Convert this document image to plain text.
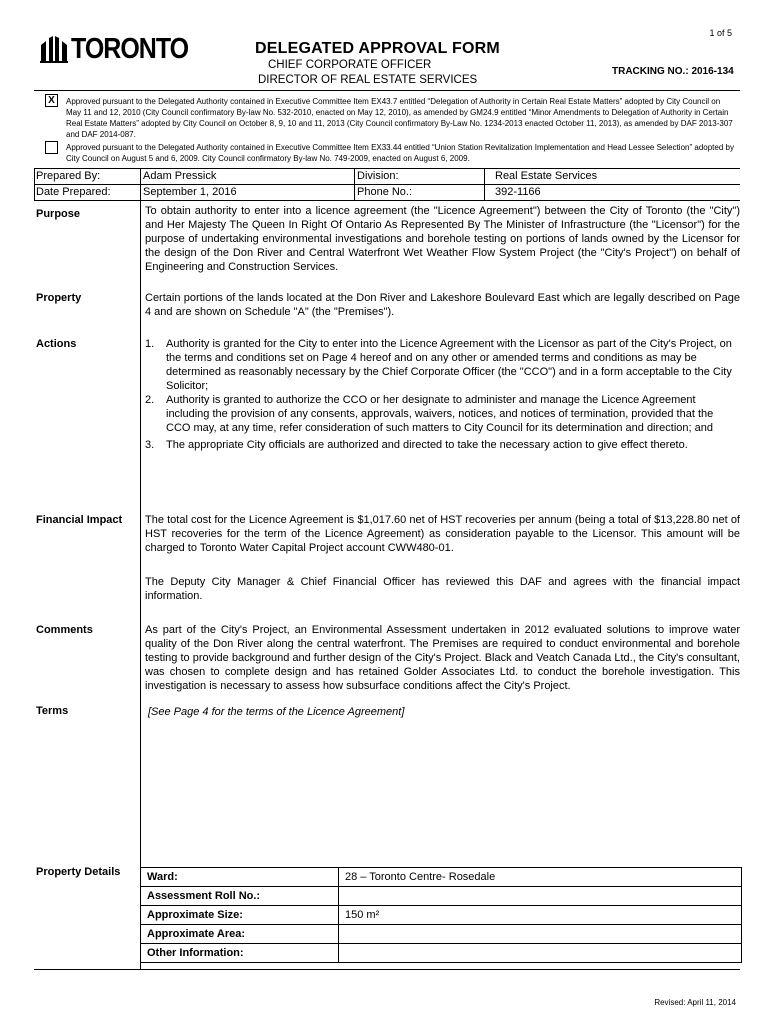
1 of 5
TORONTO	DELEGATED APPROVAL FORM
CHIEF CORPORATE OFFICER
DIRECTOR OF REAL ESTATE SERVICES
TRACKING NO.: 2016-134
X	Approved pursuant to the Delegated Authority contained in Executive Committee Item EX43.7 entitled “Delegation of Authority in Certain Real Estate Matters” adopted by City Council on May 11 and 12, 2010 (City Council confirmatory By-law No. 532-2010, enacted on May 12, 2010), as amended by GM24.9 entitled “Minor Amendments to Delegation of Authority in Certain Real Estate Matters” adopted by City Council on October 8, 9, 10 and 11, 2013 (City Council confirmatory By-Law No. 1234-2013 enacted October 11, 2013), as amended by DAF 2013-307 and DAF 2014-087.
Approved pursuant to the Delegated Authority contained in Executive Committee Item EX33.44 entitled “Union Station Revitalization Implementation and Head Lessee Selection” adopted by City Council on August 5 and 6, 2009. City Council confirmatory By-law No. 749-2009, enacted on August 6, 2009.
Prepared By:	Adam Pressick	Division:	Real Estate Services
Date Prepared:	September 1, 2016	Phone No.:	392-1166
Purpose	To obtain authority to enter into a licence agreement (the "Licence Agreement") between the City of Toronto (the "City") and Her Majesty The Queen In Right Of Ontario As Represented By The Minister of Infrastructure (the "Licensor") for the purpose of undertaking environmental investigations and borehole testing on portions of lands owned by the Licensor for the design of the Don River and Central Waterfront Wet Weather Flow System Project (the "City's Project") on behalf of Engineering and Construction Services.
Property	Certain portions of the lands located at the Don River and Lakeshore Boulevard East which are legally described on Page 4 and are shown on Schedule "A" (the "Premises").
Actions	1.	Authority is granted for the City to enter into the Licence Agreement with the Licensor as part of the City's Project, on the terms and conditions set on Page 4 hereof and on any other or amended terms and conditions as may be determined as reasonably necessary by the Chief Corporate Officer (the "CCO") and in a form acceptable to the City Solicitor;
2.	Authority is granted to authorize the CCO or her designate to administer and manage the Licence Agreement including the provision of any consents, approvals, waivers, notices, and notices of termination, provided that the CCO may, at any time, refer consideration of such matters to City Council for its determination and direction; and
3.	The appropriate City officials are authorized and directed to take the necessary action to give effect thereto.
Financial Impact The total cost for the Licence Agreement is $1,017.60 net of HST recoveries per annum (being a total of $13,228.80 net of HST recoveries for the term of the Licence Agreement) as consideration payable to the Licensor. This amount will be charged to Toronto Water Capital Project account CWW480-01.
The Deputy City Manager & Chief Financial Officer has reviewed this DAF and agrees with the financial impact information.
Comments	As part of the City's Project, an Environmental Assessment undertaken in 2012 evaluated solutions to improve water quality of the Don River along the central waterfront. The Premises are required to conduct environmental and borehole testing to provide background and further design of the City's Project. Black and Veatch Canada Ltd., the City's consultant, was chosen to complete design and has retained Golder Associates Ltd. to conduct the borehole investigation. This investigation is necessary to assess how subsurface conditions affect the City's Project.
Terms	[See Page 4 for the terms of the Licence Agreement]
Property Details	Ward:	28 – Toronto Centre- Rosedale
Assessment Roll No.:
Approximate Size:	150 m²
Approximate Area:
Other Information:
Revised: April 11, 2014
